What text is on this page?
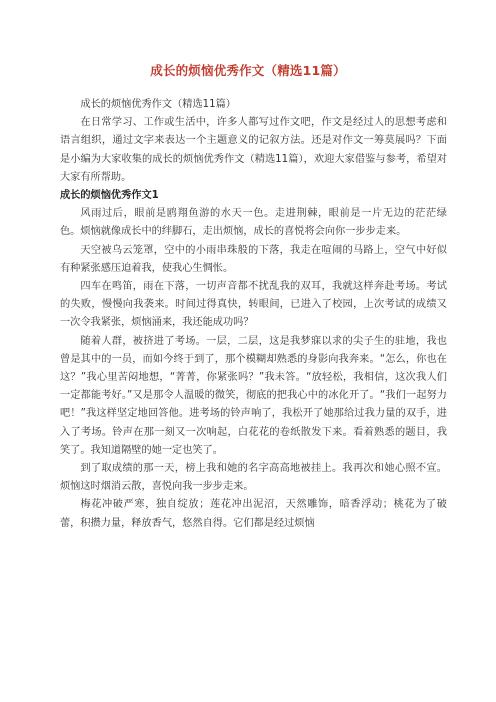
成长的烦恼优秀作文（精选11篇）

成长的烦恼优秀作文（精选11篇）

在日常学习、工作或生活中，许多人都写过作文吧，作文是经过人的思想考虑和语言组织，通过文字来表达一个主题意义的记叙方法。还是对作文一筹莫展吗？下面是小编为大家收集的成长的烦恼优秀作文（精选11篇），欢迎大家借鉴与参考，希望对大家有所帮助。

成长的烦恼优秀作文1

风雨过后，眼前是鸥翔鱼游的水天一色。走进荆棘，眼前是一片无边的茫茫绿色。烦恼就像成长中的绊脚石，走出烦恼，成长的喜悦将会向你一步步走来。

天空被乌云笼罩，空中的小雨串珠般的下落，我走在喧闹的马路上，空气中好似有种紧张感压迫着我，使我心生惆怅。

四车在鸣笛，雨在下落，一切声音都不扰乱我的双耳，我就这样奔赴考场。考试的失败，慢慢向我袭来。时间过得真快，转眼间，已进入了校园，上次考试的成绩又一次令我紧张，烦恼涌来，我还能成功吗？

随着人群，被挤进了考场。一层，二层，这是我梦寐以求的尖子生的驻地，我也曾是其中的一员，而如今终于到了，那个模糊却熟悉的身影向我奔来。“怎么，你也在这？”我心里苦闷地想，“菁菁，你紧张吗？”我未答。“放轻松，我相信，这次我人们一定都能考好。”又是那令人温暖的微笑，彻底的把我心中的冰化开了。“我们一起努力吧！”我这样坚定地回答他。进考场的铃声响了，我松开了她那给过我力量的双手，进入了考场。铃声在那一刻又一次响起，白花花的卷纸散发下来。看着熟悉的题目，我笑了。我知道隔壁的她一定也笑了。

到了取成绩的那一天，榜上我和她的名字高高地被挂上。我再次和她心照不宣。烦恼这时烟消云散，喜悦向我一步步走来。

梅花冲破严寒，独自绽放；莲花冲出泥沼，天然雕饰，暗香浮动；桃花为了破蕾，积攒力量，释放香气，悠然自得。它们都是经过烦恼
